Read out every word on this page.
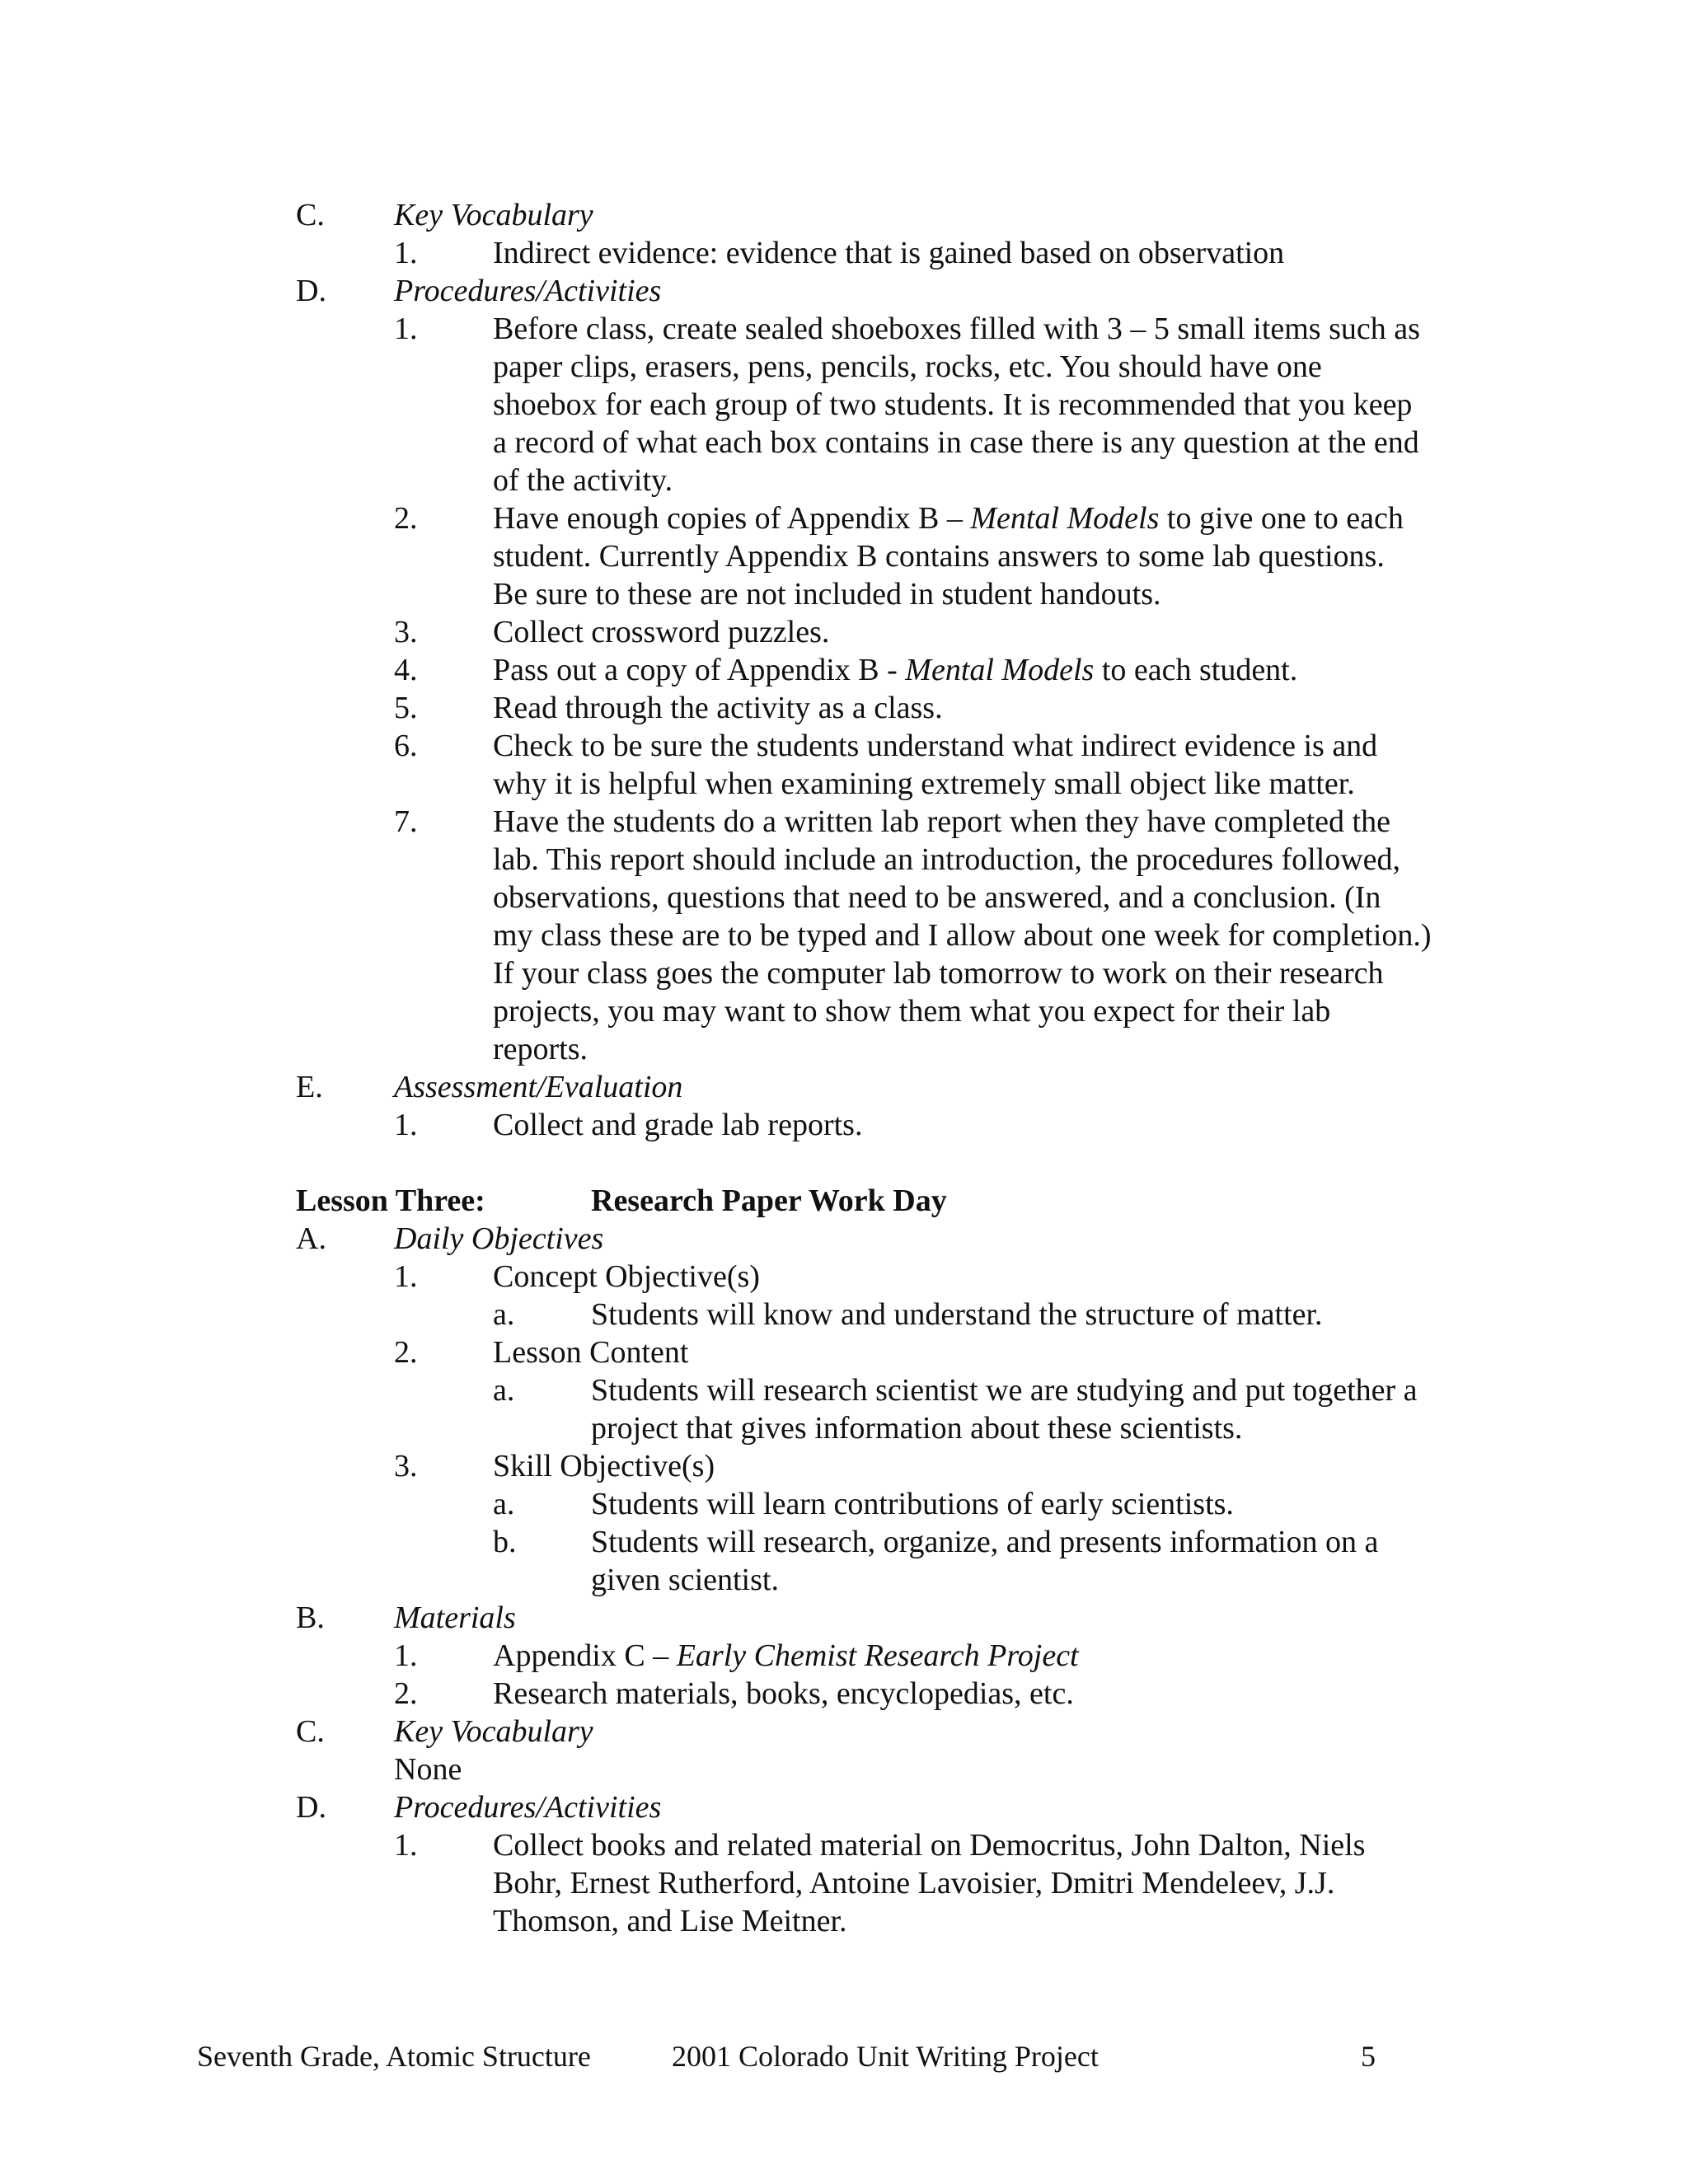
C. Key Vocabulary
1. Indirect evidence: evidence that is gained based on observation
D. Procedures/Activities
1. Before class, create sealed shoeboxes filled with 3 – 5 small items such as
paper clips, erasers, pens, pencils, rocks, etc. You should have one
shoebox for each group of two students. It is recommended that you keep
a record of what each box contains in case there is any question at the end
of the activity.
2. Have enough copies of Appendix B – Mental Models to give one to each
student. Currently Appendix B contains answers to some lab questions.
Be sure to these are not included in student handouts.
3. Collect crossword puzzles.
4. Pass out a copy of Appendix B - Mental Models to each student.
5. Read through the activity as a class.
6. Check to be sure the students understand what indirect evidence is and
why it is helpful when examining extremely small object like matter.
7. Have the students do a written lab report when they have completed the
lab. This report should include an introduction, the procedures followed,
observations, questions that need to be answered, and a conclusion. (In
my class these are to be typed and I allow about one week for completion.)
If your class goes the computer lab tomorrow to work on their research
projects, you may want to show them what you expect for their lab
reports.
E. Assessment/Evaluation
1. Collect and grade lab reports.
Lesson Three:	Research Paper Work Day
A. Daily Objectives
1. Concept Objective(s)
a. Students will know and understand the structure of matter.
2. Lesson Content
a. Students will research scientist we are studying and put together a
project that gives information about these scientists.
3. Skill Objective(s)
a. Students will learn contributions of early scientists.
b. Students will research, organize, and presents information on a
given scientist.
B. Materials
1. Appendix C – Early Chemist Research Project
2. Research materials, books, encyclopedias, etc.
C. Key Vocabulary
None
D. Procedures/Activities
1. Collect books and related material on Democritus, John Dalton, Niels
Bohr, Ernest Rutherford, Antoine Lavoisier, Dmitri Mendeleev, J.J.
Thomson, and Lise Meitner.
Seventh Grade, Atomic Structure	2001 Colorado Unit Writing Project	5
